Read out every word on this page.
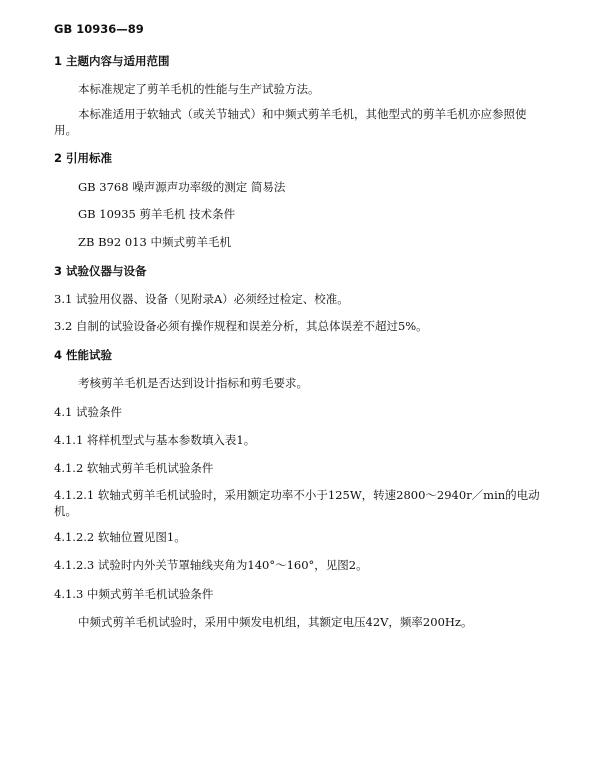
GB 10936—89
1 主题内容与适用范围
本标准规定了剪羊毛机的性能与生产试验方法。
本标准适用于软轴式（或关节轴式）和中频式剪羊毛机，其他型式的剪羊毛机亦应参照使用。
2 引用标准
GB 3768 噪声源声功率级的测定 简易法
GB 10935 剪羊毛机 技术条件
ZB B92 013 中频式剪羊毛机
3 试验仪器与设备
3.1 试验用仪器、设备（见附录A）必须经过检定、校准。
3.2 自制的试验设备必须有操作规程和误差分析，其总体误差不超过5%。
4 性能试验
考核剪羊毛机是否达到设计指标和剪毛要求。
4.1 试验条件
4.1.1 将样机型式与基本参数填入表1。
4.1.2 软轴式剪羊毛机试验条件
4.1.2.1 软轴式剪羊毛机试验时，采用额定功率不小于125W，转速2800～2940r／min的电动机。
4.1.2.2 软轴位置见图1。
4.1.2.3 试验时内外关节罩轴线夹角为140°～160°，见图2。
4.1.3 中频式剪羊毛机试验条件
中频式剪羊毛机试验时，采用中频发电机组，其额定电压42V，频率200Hz。
